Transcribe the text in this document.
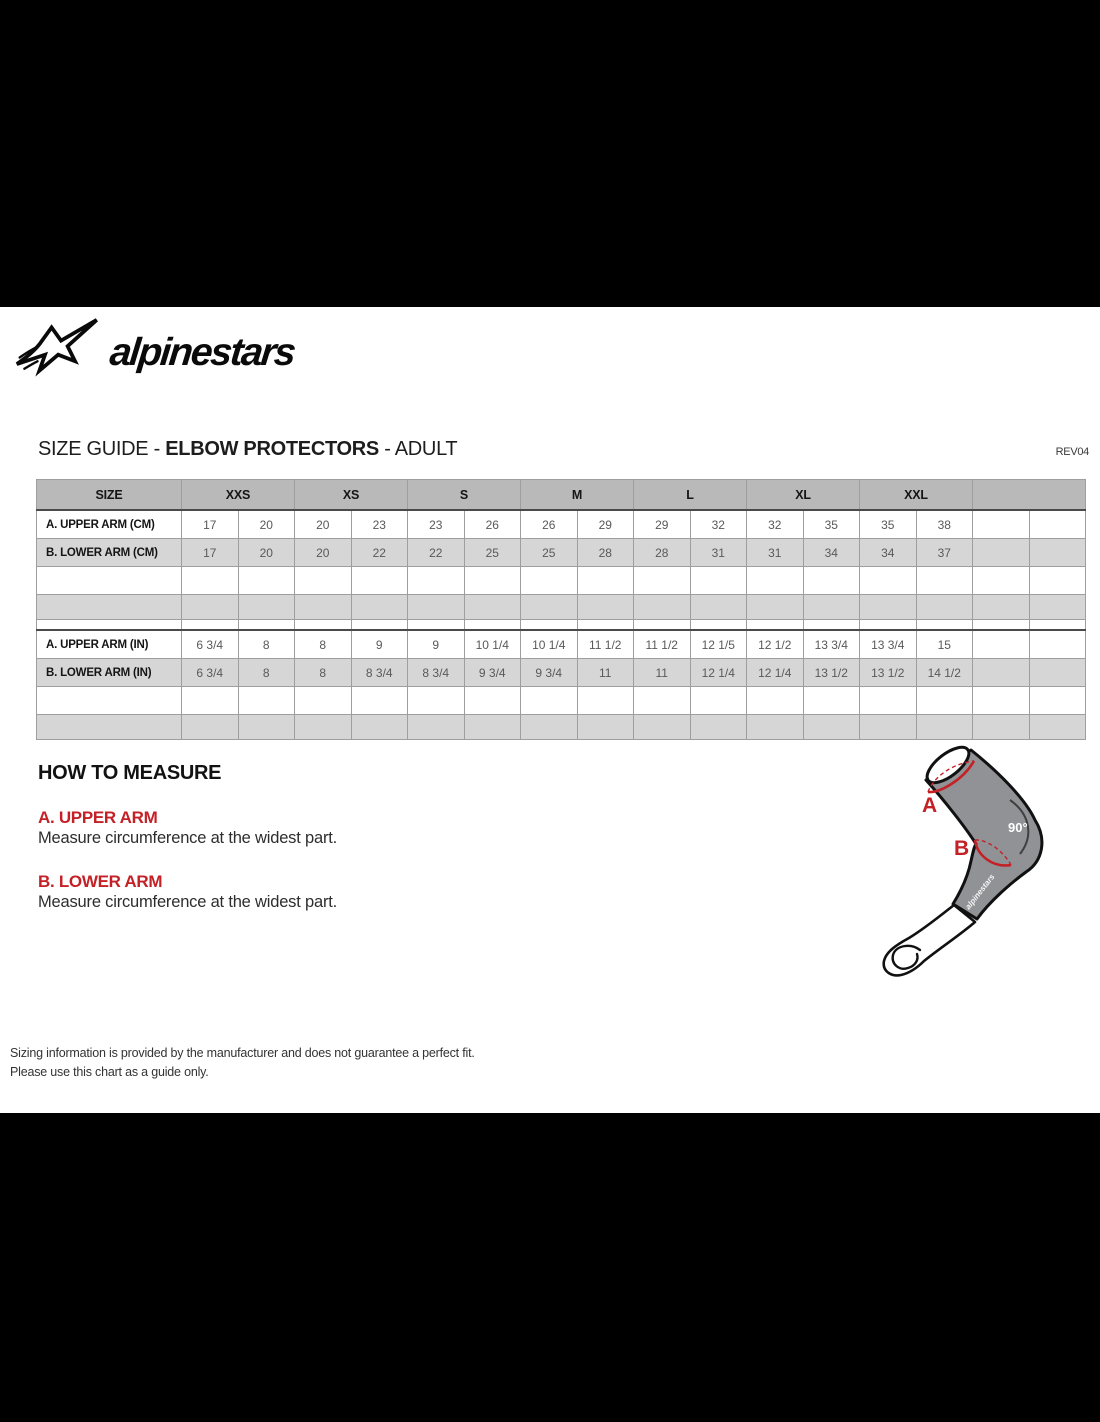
alpinestars
SIZE GUIDE - ELBOW PROTECTORS - ADULT	REV04
SIZE	XXS		XS		S		M		L		XL		XXL			
A. UPPER ARM (CM)	17	20	20	23	23	26	26	29	29	32	32	35	35	38		
B. LOWER ARM (CM)	17	20	20	22	22	25	25	28	28	31	31	34	34	37		

A. UPPER ARM (IN)	6 3/4	8	8	9	9	10 1/4	10 1/4	11 1/2	11 1/2	12 1/5	12 1/2	13 3/4	13 3/4	15		
B. LOWER ARM (IN)	6 3/4	8	8	8 3/4	8 3/4	9 3/4	9 3/4	11	11	12 1/4	12 1/4	13 1/2	13 1/2	14 1/2		

HOW TO MEASURE
A. UPPER ARM
Measure circumference at the widest part.
B. LOWER ARM
Measure circumference at the widest part.
90°
alpinestars
A
B
Sizing information is provided by the manufacturer and does not guarantee a perfect fit.
Please use this chart as a guide only.
